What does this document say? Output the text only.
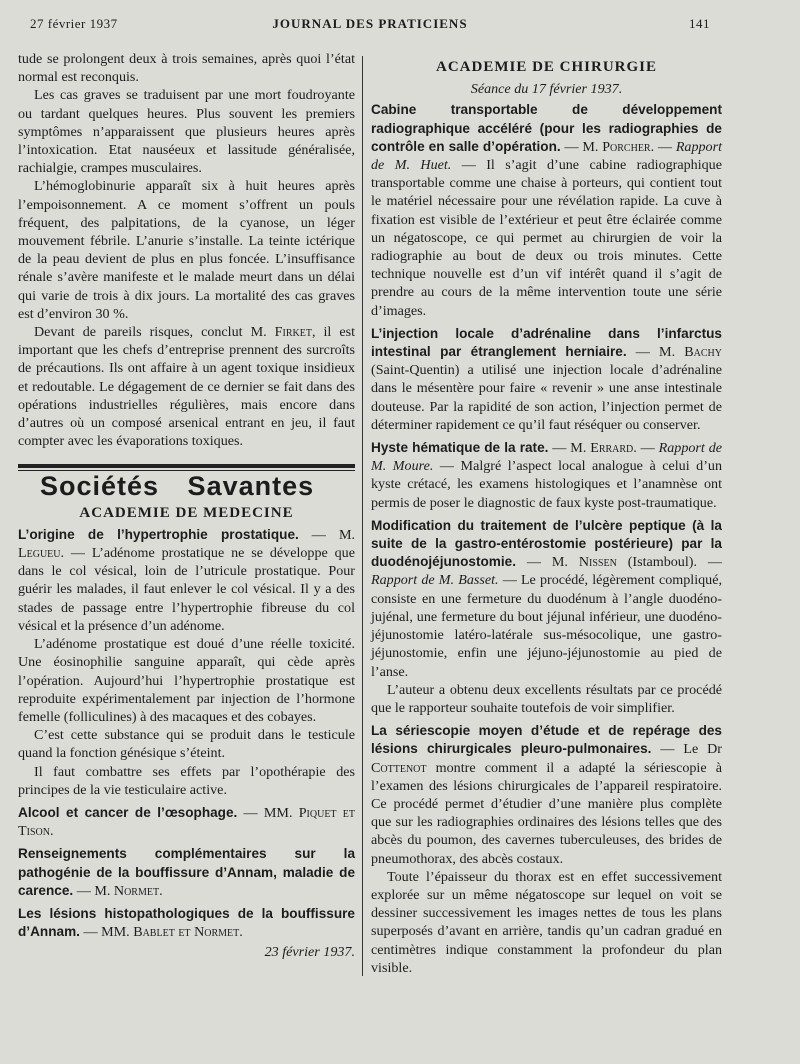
27 février 1937	JOURNAL DES PRATICIENS	141

tude se prolongent deux à trois semaines, après quoi l’état normal est reconquis.

Les cas graves se traduisent par une mort foudroyante ou tardant quelques heures. Plus souvent les premiers symptômes n’apparaissent que plusieurs heures après l’intoxication. Etat nauséeux et lassitude généralisée, rachialgie, crampes musculaires.

L’hémoglobinurie apparaît six à huit heures après l’empoisonnement. A ce moment s’offrent un pouls fréquent, des palpitations, de la cyanose, un léger mouvement fébrile. L’anurie s’installe. La teinte ictérique de la peau devient de plus en plus foncée. L’insuffisance rénale s’avère manifeste et le malade meurt dans un délai qui varie de trois à dix jours. La mortalité des cas graves est d’environ 30 %.

Devant de pareils risques, conclut M. Firket, il est important que les chefs d’entreprise prennent des surcroîts de précautions. Ils ont affaire à un agent toxique insidieux et redoutable. Le dégagement de ce dernier se fait dans des opérations industrielles régulières, mais encore dans d’autres où un composé arsenical entrant en jeu, il faut compter avec les évaporations toxiques.

Sociétés Savantes
ACADEMIE DE MEDECINE

L’origine de l’hypertrophie prostatique. — M. Legueu. — L’adénome prostatique ne se développe que dans le col vésical, loin de l’utricule prostatique. Pour guérir les malades, il faut enlever le col vésical. Il y a des stades de passage entre l’hypertrophie fibreuse du col vésical et la présence d’un adénome.

L’adénome prostatique est doué d’une réelle toxicité. Une éosinophilie sanguine apparaît, qui cède après l’opération. Aujourd’hui l’hypertrophie prostatique est reproduite expérimentalement par injection de l’hormone femelle (folliculines) à des macaques et des cobayes.

C’est cette substance qui se produit dans le testicule quand la fonction génésique s’éteint.

Il faut combattre ses effets par l’opothérapie des principes de la vie testiculaire active.

Alcool et cancer de l’œsophage. — MM. Piquet et Tison.

Renseignements complémentaires sur la pathogénie de la bouffissure d’Annam, maladie de carence. — M. Normet.

Les lésions histopathologiques de la bouffissure d’Annam. — MM. Bablet et Normet.

23 février 1937.
ACADEMIE DE CHIRURGIE
Séance du 17 février 1937.

Cabine transportable de développement radiographique accéléré (pour les radiographies de contrôle en salle d’opération. — M. Porcher. — Rapport de M. Huet. — Il s’agit d’une cabine radiographique transportable comme une chaise à porteurs, qui contient tout le matériel nécessaire pour une révélation rapide. La cuve à fixation est visible de l’extérieur et peut être éclairée comme un négatoscope, ce qui permet au chirurgien de voir la radiographie au bout de deux ou trois minutes. Cette technique nouvelle est d’un vif intérêt quand il s’agit de prendre au cours de la même intervention toute une série d’images.

L’injection locale d’adrénaline dans l’infarctus intestinal par étranglement herniaire. — M. Bachy (Saint-Quentin) a utilisé une injection locale d’adrénaline dans le mésentère pour faire « revenir » une anse intestinale douteuse. Par la rapidité de son action, l’injection permet de déterminer rapidement ce qu’il faut réséquer ou conserver.

Hyste hématique de la rate. — M. Errard. — Rapport de M. Moure. — Malgré l’aspect local analogue à celui d’un kyste crétacé, les examens histologiques et l’anamnèse ont permis de poser le diagnostic de faux kyste post-traumatique.

Modification du traitement de l’ulcère peptique (à la suite de la gastro-entérostomie postérieure) par la duodénojéjunostomie. — M. Nissen (Istamboul). — Rapport de M. Basset. — Le procédé, légèrement compliqué, consiste en une fermeture du duodénum à l’angle duodéno-jujénal, une fermeture du bout jéjunal inférieur, une duodéno-jéjunostomie latéro-latérale sus-mésocolique, une gastro-jéjunostomie, enfin une jéjuno-jéjunostomie au pied de l’anse.

L’auteur a obtenu deux excellents résultats par ce procédé que le rapporteur souhaite toutefois de voir simplifier.

La sériescopie moyen d’étude et de repérage des lésions chirurgicales pleuro-pulmonaires. — Le Dr Cottenot montre comment il a adapté la sériescopie à l’examen des lésions chirurgicales de l’appareil respiratoire. Ce procédé permet d’étudier d’une manière plus complète que sur les radiographies ordinaires des lésions telles que des abcès du poumon, des cavernes tuberculeuses, des brides de pneumothorax, des abcès costaux.

Toute l’épaisseur du thorax est en effet successivement explorée sur un même négatoscope sur lequel on voit se dessiner successivement les images nettes de tous les plans superposés d’avant en arrière, tandis qu’un cadran gradué en centimètres indique constamment la profondeur du plan visible.
